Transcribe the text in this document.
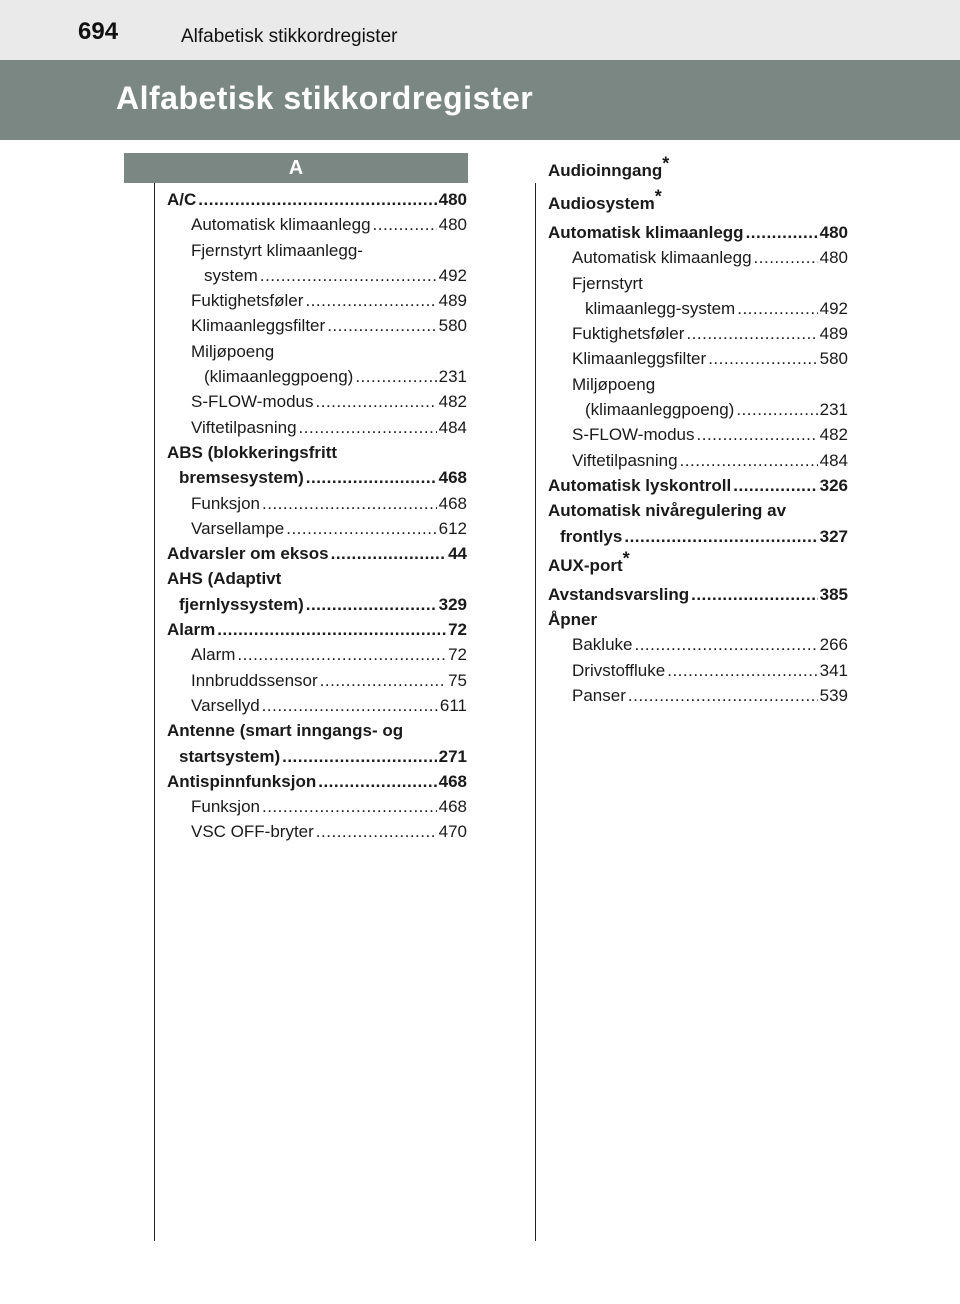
694	Alfabetisk stikkordregister
Alfabetisk stikkordregister
A
A/C .....	480
Automatisk klimaanlegg .....	480
Fjernstyrt klimaanlegg-
system .....	492
Fuktighetsføler .....	489
Klimaanleggsfilter .....	580
Miljøpoeng
(klimaanleggpoeng) .....	231
S-FLOW-modus .....	482
Viftetilpasning .....	484
ABS (blokkeringsfritt
bremsesystem) .....	468
Funksjon .....	468
Varsellampe .....	612
Advarsler om eksos .....	44
AHS (Adaptivt
fjernlyssystem) .....	329
Alarm .....	72
Alarm .....	72
Innbruddssensor .....	75
Varsellyd .....	611
Antenne (smart inngangs- og
startsystem) .....	271
Antispinnfunksjon .....	468
Funksjon .....	468
VSC OFF-bryter .....	470
Audioinngang*
Audiosystem*
Automatisk klimaanlegg .....	480
Automatisk klimaanlegg .....	480
Fjernstyrt
klimaanlegg-system .....	492
Fuktighetsføler .....	489
Klimaanleggsfilter .....	580
Miljøpoeng
(klimaanleggpoeng) .....	231
S-FLOW-modus .....	482
Viftetilpasning .....	484
Automatisk lyskontroll .....	326
Automatisk nivåregulering av
frontlys .....	327
AUX-port*
Avstandsvarsling .....	385
Åpner
Bakluke .....	266
Drivstoffluke .....	341
Panser .....	539
